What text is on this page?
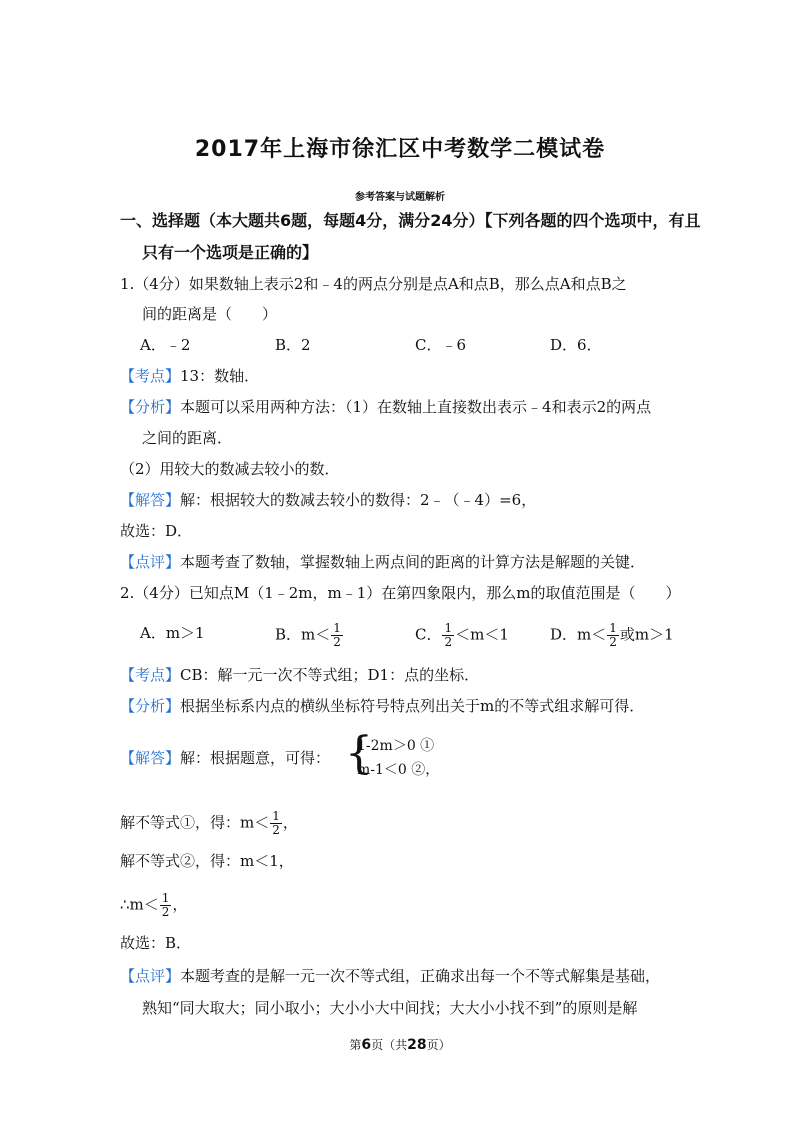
2017年上海市徐汇区中考数学二模试卷
参考答案与试题解析
一、选择题（本大题共6题，每题4分，满分24分）【下列各题的四个选项中，有且
只有一个选项是正确的】
1.（4分）如果数轴上表示2和﹣4的两点分别是点A和点B，那么点A和点B之
间的距离是（　　）
A．﹣2	B．2	C．﹣6	D．6．
【考点】13：数轴．
【分析】本题可以采用两种方法：（1）在数轴上直接数出表示﹣4和表示2的两点
之间的距离．
（2）用较大的数减去较小的数．
【解答】解：根据较大的数减去较小的数得：2﹣（﹣4）=6，
故选：D．
【点评】本题考查了数轴，掌握数轴上两点间的距离的计算方法是解题的关键．
2.（4分）已知点M（1﹣2m，m﹣1）在第四象限内，那么m的取值范围是（　　）
A．m＞1	B．$m< \frac{1}{2}$	C． $\frac{1}{2} <m<1$	D．$m< \frac{1}{2}$ 或m＞1
【考点】CB：解一元一次不等式组；D1：点的坐标．
【分析】根据坐标系内点的横纵坐标符号特点列出关于m的不等式组求解可得．
【解答】解：根据题意，可得： {
1-2m＞0 ①
m-1＜0 ②，
解不等式①，得：$m< \frac{1}{2}$ ，
解不等式②，得：m＜1，
∴m＜ $\frac{1}{2}$ ，
故选：B．
【点评】本题考查的是解一元一次不等式组，正确求出每一个不等式解集是基础，
熟知“同大取大；同小取小；大小小大中间找；大大小小找不到”的原则是解
第6页（共28页）
